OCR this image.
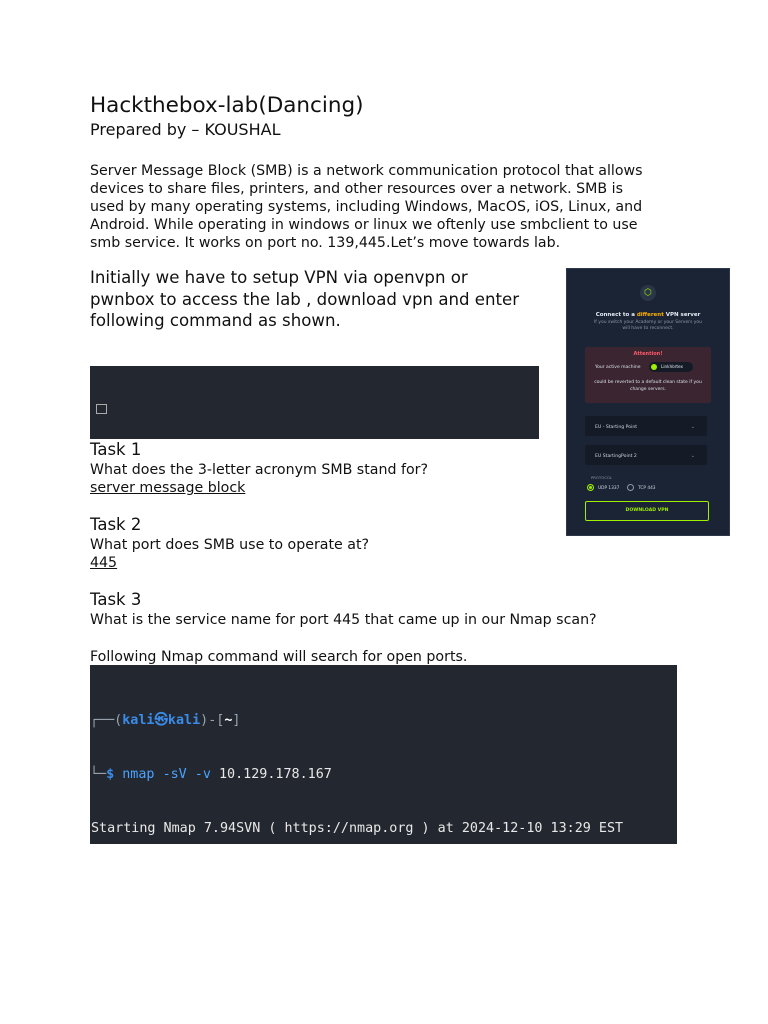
Hackthebox-lab(Dancing)
Prepared by – KOUSHAL

Server Message Block (SMB) is a network communication protocol that allows

devices to share files, printers, and other resources over a network. SMB is

used by many operating systems, including Windows, MacOS, iOS, Linux, and

Android. While operating in windows or linux we oftenly use smbclient to use

smb service. It works on port no. 139,445.Let’s move towards lab.

Initially we have to setup VPN via openvpn or

pwnbox to access the lab , download vpn and enter

following command as shown.

Task 1
What does the 3-letter acronym SMB stand for?
server message block
Task 2
What port does SMB use to operate at?
445
Task 3
What is the service name for port 445 that came up in our Nmap scan?
Following Nmap command will search for open ports.

┌──(kali㉿kali)-[~]

└─$ nmap -sV -v 10.129.178.167

Starting Nmap 7.94SVN ( https://nmap.org ) at 2024-12-10 13:29 EST

⬡
Connect to a different VPN server
If you switch your Academy or your Servers you will have to reconnect.
Attention!
Your active machine	LinkVortex
could be reverted to a default clean state if you change servers.
EU - Starting Point	⌄
EU StartingPoint 2	⌄
PROTOCOL
UDP 1337	TCP 443
DOWNLOAD VPN
